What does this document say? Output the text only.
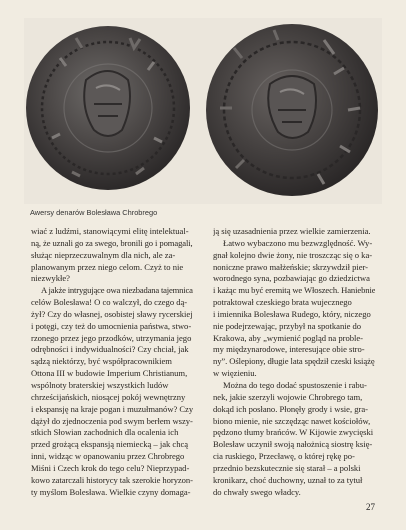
Awersy denarów Bolesława Chrobrego
wiać z ludźmi, stanowiącymi elitę intelektual-
ną, że uznali go za swego, bronili go i pomagali,
służąc nieprzeczuwalnym dla nich, ale za-
planowanym przez niego celom. Czyż to nie
niezwykłe?
A jakże intrygujące owa niezbadana tajemnica
celów Bolesława! O co walczył, do czego dą-
żył? Czy do własnej, osobistej sławy rycerskiej
i potęgi, czy też do umocnienia państwa, stwo-
rzonego przez jego przodków, utrzymania jego
odrębności i indywidualności? Czy chciał, jak
sądzą niektórzy, być współpracownikiem
Ottona III w budowie Imperium Christianum,
wspólnoty braterskiej wszystkich ludów
chrześcijańskich, niosącej pokój wewnętrzny
i ekspansję na kraje pogan i muzułmanów? Czy
dążył do zjednoczenia pod swym berłem wszy-
stkich Słowian zachodnich dla ocalenia ich
przed grożącą ekspansją niemiecką – jak chcą
inni, widząc w opanowaniu przez Chrobrego
Miśni i Czech krok do tego celu? Nieprzypad-
kowo zatarczali historycy tak szerokie horyzon-
ty myślom Bolesława. Wielkie czyny domaga-
ją się uzasadnienia przez wielkie zamierzenia.
Łatwo wybaczono mu bezwzględność. Wy-
gnał kolejno dwie żony, nie troszcząc się o ka-
noniczne prawo małżeńskie; skrzywdził pier-
worodnego syna, pozbawiając go dziedzictwa
i każąc mu być eremitą we Włoszech. Haniebnie
potraktował czeskiego brata wujecznego
i imiennika Bolesława Rudego, który, niczego
nie podejrzewając, przybył na spotkanie do
Krakowa, aby „wymienić pogląd na proble-
my międzynarodowe, interesujące obie stro-
ny”. Oślepiony, długie lata spędził czeski książę
w więzieniu.
Można do tego dodać spustoszenie i rabu-
nek, jakie szerzyli wojowie Chrobrego tam,
dokąd ich posłano. Płonęły grody i wsie, gra-
biono mienie, nie szczędząc nawet kościołów,
pędzono tłumy brańców. W Kijowie zwycięski
Bolesław uczynił swoją nałożnicą siostrę księ-
cia ruskiego, Przecławę, o której rękę po-
przednio bezskutecznie się starał – a polski
kronikarz, choć duchowny, uznał to za tytuł
do chwały swego władcy.
27
